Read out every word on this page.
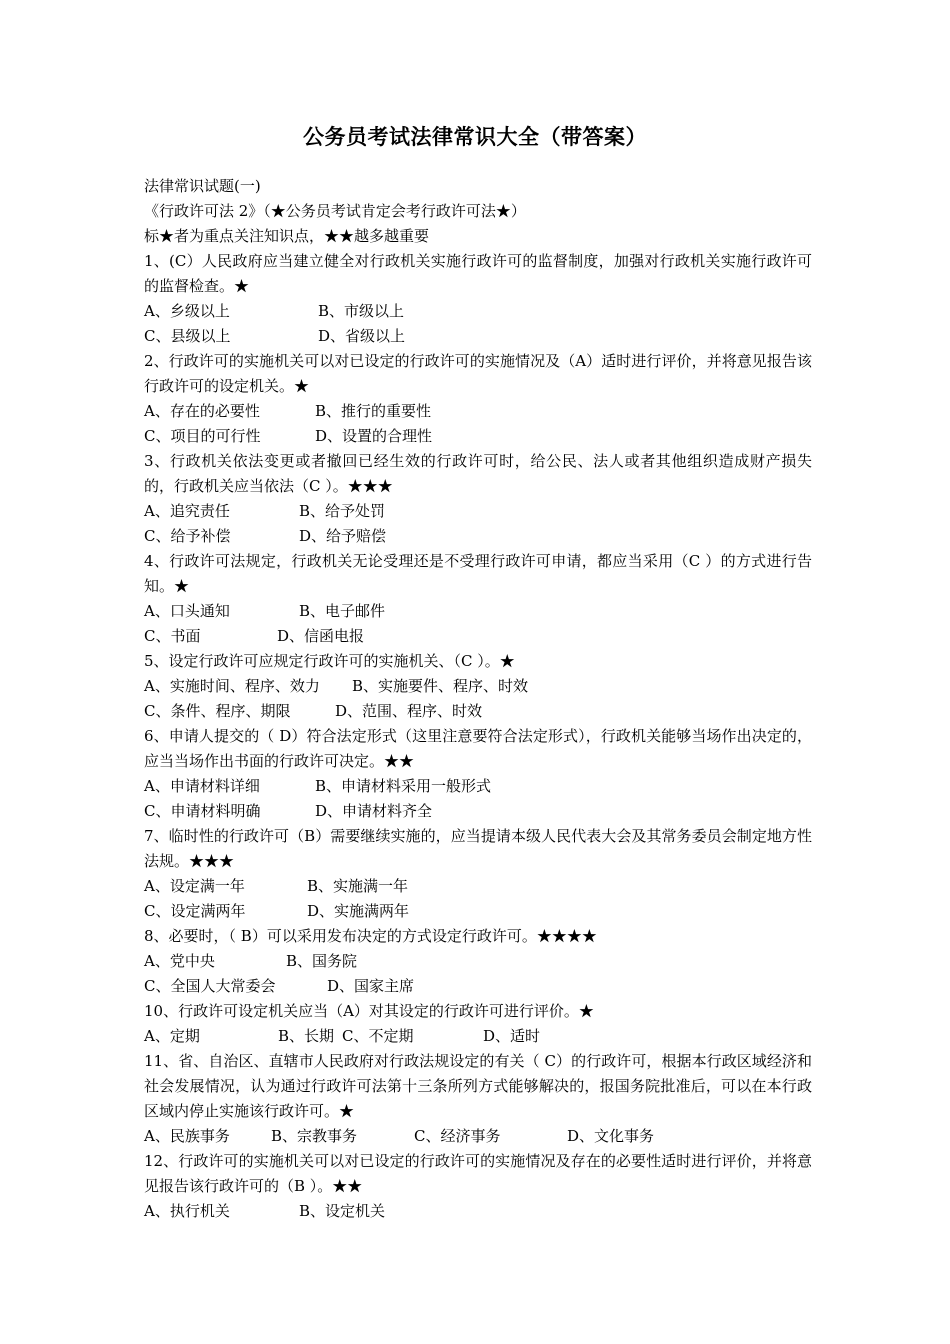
公务员考试法律常识大全（带答案）
法律常识试题(一)
《行政许可法 2》（★公务员考试肯定会考行政许可法★）
标★者为重点关注知识点，★★越多越重要
1、(C）人民政府应当建立健全对行政机关实施行政许可的监督制度，加强对行政机关实施行政许可的监督检查。★
A、乡级以上	B、市级以上
C、县级以上	D、省级以上
2、行政许可的实施机关可以对已设定的行政许可的实施情况及（A）适时进行评价，并将意见报告该行政许可的设定机关。★
A、存在的必要性	B、推行的重要性
C、项目的可行性	D、设置的合理性
3、行政机关依法变更或者撤回已经生效的行政许可时，给公民、法人或者其他组织造成财产损失的，行政机关应当依法（C ）。★★★
A、追究责任	B、给予处罚
C、给予补偿	D、给予赔偿
4、行政许可法规定，行政机关无论受理还是不受理行政许可申请，都应当采用（C ）的方式进行告知。★
A、口头通知	B、电子邮件
C、书面	D、信函电报
5、设定行政许可应规定行政许可的实施机关、（C ）。★
A、实施时间、程序、效力	B、实施要件、程序、时效
C、条件、程序、期限	D、范围、程序、时效
6、申请人提交的（ D）符合法定形式（这里注意要符合法定形式），行政机关能够当场作出决定的，应当当场作出书面的行政许可决定。★★
A、申请材料详细	B、申请材料采用一般形式
C、申请材料明确	D、申请材料齐全
7、临时性的行政许可（B）需要继续实施的，应当提请本级人民代表大会及其常务委员会制定地方性法规。★★★
A、设定满一年	B、实施满一年
C、设定满两年	D、实施满两年
8、必要时，（ B）可以采用发布决定的方式设定行政许可。★★★★
A、党中央	B、国务院
C、全国人大常委会	D、国家主席
10、行政许可设定机关应当（A）对其设定的行政许可进行评价。★
A、定期	B、长期 C、不定期	D、适时
11、省、自治区、直辖市人民政府对行政法规设定的有关（ C）的行政许可，根据本行政区域经济和社会发展情况，认为通过行政许可法第十三条所列方式能够解决的，报国务院批准后，可以在本行政区域内停止实施该行政许可。★
A、民族事务	B、宗教事务	C、经济事务	D、文化事务
12、行政许可的实施机关可以对已设定的行政许可的实施情况及存在的必要性适时进行评价，并将意见报告该行政许可的（B ）。★★
A、执行机关	B、设定机关
